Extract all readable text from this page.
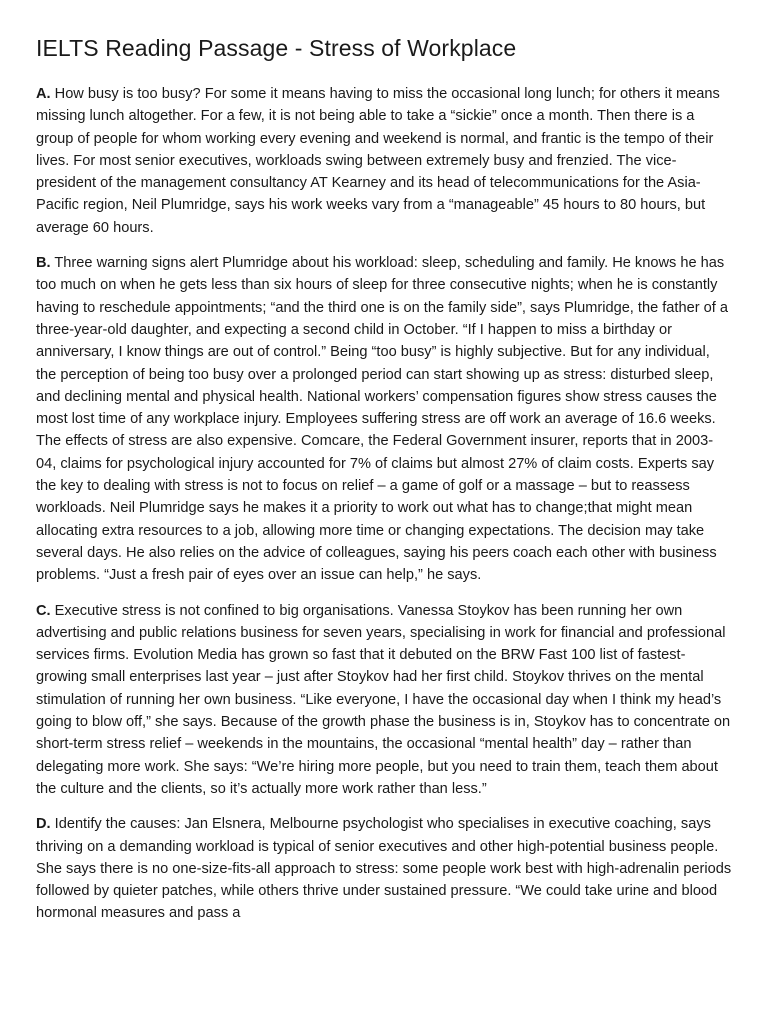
IELTS Reading Passage - Stress of Workplace

A. How busy is too busy? For some it means having to miss the occasional long lunch; for others it means missing lunch altogether. For a few, it is not being able to take a “sickie” once a month. Then there is a group of people for whom working every evening and weekend is normal, and frantic is the tempo of their lives. For most senior executives, workloads swing between extremely busy and frenzied. The vice-president of the management consultancy AT Kearney and its head of telecommunications for the Asia-Pacific region, Neil Plumridge, says his work weeks vary from a “manageable” 45 hours to 80 hours, but average 60 hours.

B. Three warning signs alert Plumridge about his workload: sleep, scheduling and family. He knows he has too much on when he gets less than six hours of sleep for three consecutive nights; when he is constantly having to reschedule appointments; “and the third one is on the family side”, says Plumridge, the father of a three-year-old daughter, and expecting a second child in October. “If I happen to miss a birthday or anniversary, I know things are out of control.” Being “too busy” is highly subjective. But for any individual, the perception of being too busy over a prolonged period can start showing up as stress: disturbed sleep, and declining mental and physical health. National workers’ compensation figures show stress causes the most lost time of any workplace injury. Employees suffering stress are off work an average of 16.6 weeks. The effects of stress are also expensive. Comcare, the Federal Government insurer, reports that in 2003-04, claims for psychological injury accounted for 7% of claims but almost 27% of claim costs. Experts say the key to dealing with stress is not to focus on relief – a game of golf or a massage – but to reassess workloads. Neil Plumridge says he makes it a priority to work out what has to change;that might mean allocating extra resources to a job, allowing more time or changing expectations. The decision may take several days. He also relies on the advice of colleagues, saying his peers coach each other with business problems. “Just a fresh pair of eyes over an issue can help,” he says.

C. Executive stress is not confined to big organisations. Vanessa Stoykov has been running her own advertising and public relations business for seven years, specialising in work for financial and professional services firms. Evolution Media has grown so fast that it debuted on the BRW Fast 100 list of fastest-growing small enterprises last year – just after Stoykov had her first child. Stoykov thrives on the mental stimulation of running her own business. “Like everyone, I have the occasional day when I think my head’s going to blow off,” she says. Because of the growth phase the business is in, Stoykov has to concentrate on short-term stress relief – weekends in the mountains, the occasional “mental health” day – rather than delegating more work. She says: “We’re hiring more people, but you need to train them, teach them about the culture and the clients, so it’s actually more work rather than less.”

D. Identify the causes: Jan Elsnera, Melbourne psychologist who specialises in executive coaching, says thriving on a demanding workload is typical of senior executives and other high-potential business people. She says there is no one-size-fits-all approach to stress: some people work best with high-adrenalin periods followed by quieter patches, while others thrive under sustained pressure. “We could take urine and blood hormonal measures and pass a
